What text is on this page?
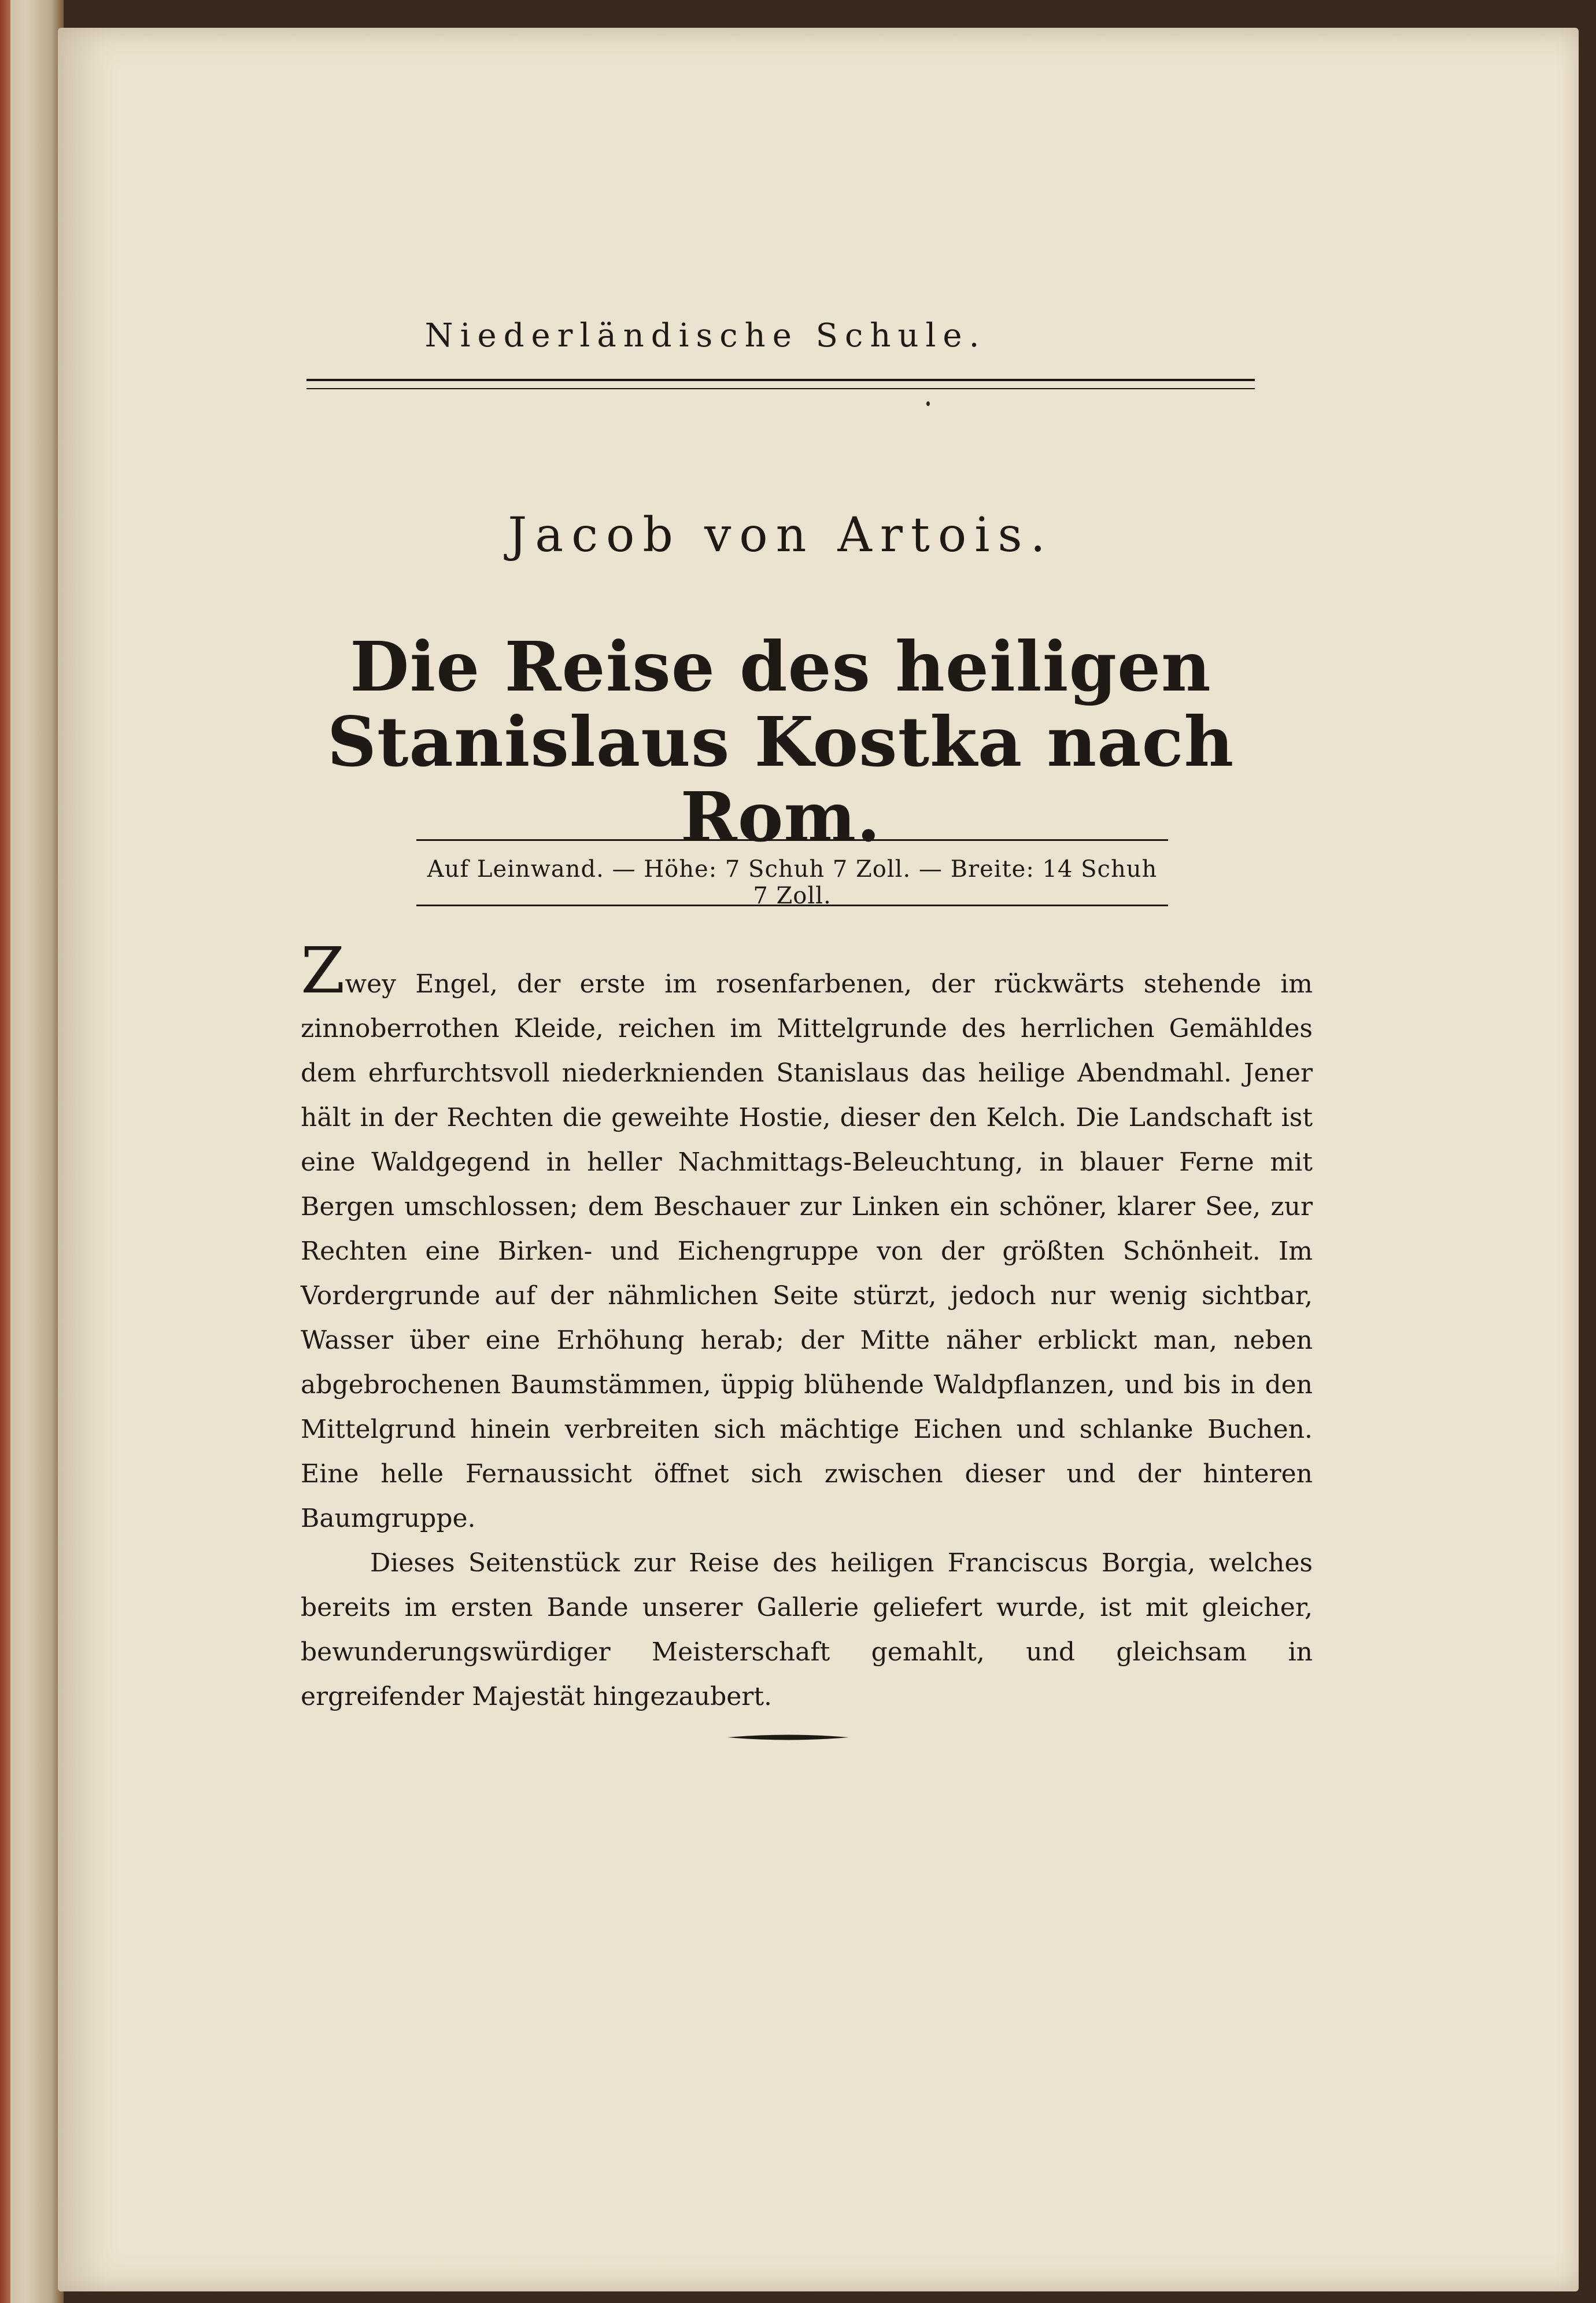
Niederländische Schule.
Jacob von Artois.
Die Reise des heiligen
Stanislaus Kostka nach Rom.
Auf Leinwand. — Höhe: 7 Schuh 7 Zoll. — Breite: 14 Schuh 7 Zoll.

Zwey Engel, der erste im rosenfarbenen, der rückwärts stehende im zinnoberrothen Kleide, reichen im Mittelgrunde des herrlichen Gemähldes dem ehrfurchtsvoll niederknienden Stanislaus das heilige Abendmahl. Jener hält in der Rechten die geweihte Hostie, dieser den Kelch. Die Landschaft ist eine Waldgegend in heller Nachmittags-Beleuchtung, in blauer Ferne mit Bergen umschlossen; dem Beschauer zur Linken ein schöner, klarer See, zur Rechten eine Birken- und Eichengruppe von der größten Schönheit. Im Vordergrunde auf der nähmlichen Seite stürzt, jedoch nur wenig sichtbar, Wasser über eine Erhöhung herab; der Mitte näher erblickt man, neben abgebrochenen Baumstämmen, üppig blühende Waldpflanzen, und bis in den Mittelgrund hinein verbreiten sich mächtige Eichen und schlanke Buchen. Eine helle Fernaussicht öffnet sich zwischen dieser und der hinteren Baumgruppe.

Dieses Seitenstück zur Reise des heiligen Franciscus Borgia, welches bereits im ersten Bande unserer Gallerie geliefert wurde, ist mit gleicher, bewunderungswürdiger Meisterschaft gemahlt, und gleichsam in ergreifender Majestät hingezaubert.
